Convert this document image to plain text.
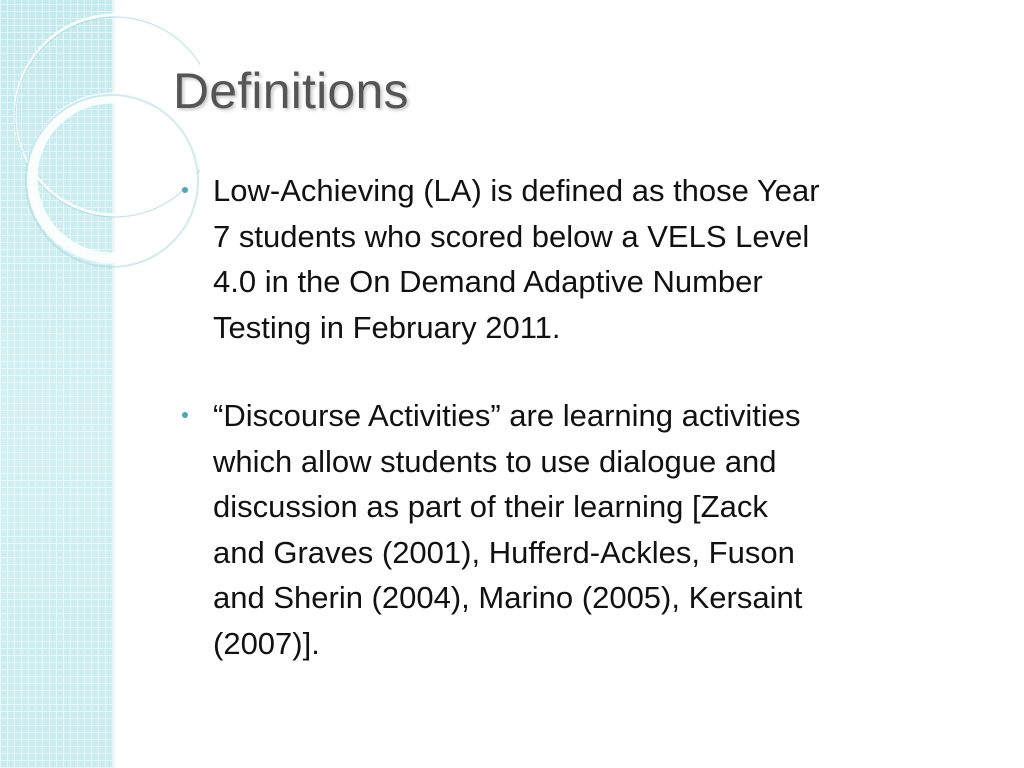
Definitions
Low-Achieving (LA) is defined as those Year
7 students who scored below a VELS Level
4.0 in the On Demand Adaptive Number
Testing in February 2011.
“Discourse Activities” are learning activities
which allow students to use dialogue and
discussion as part of their learning [Zack
and Graves (2001), Hufferd-Ackles, Fuson
and Sherin (2004), Marino (2005), Kersaint
(2007)].
